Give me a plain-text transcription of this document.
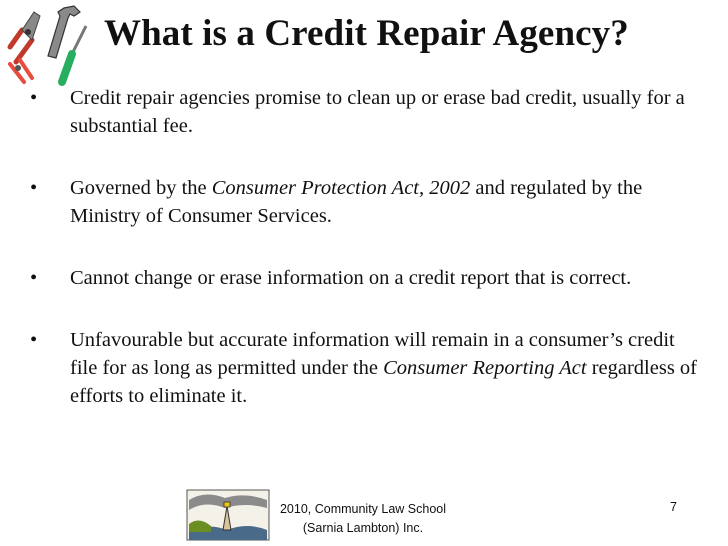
What is a Credit Repair Agency?
•	Credit repair agencies promise to clean up or erase bad credit, usually for a substantial fee.
•	Governed by the Consumer Protection Act, 2002 and regulated by the Ministry of Consumer Services.
•	Cannot change or erase information on a credit report that is correct.
•	Unfavourable but accurate information will remain in a consumer’s credit file for as long as permitted under the Consumer Reporting Act regardless of efforts to eliminate it.
2010, Community Law School
(Sarnia Lambton) Inc.
7
